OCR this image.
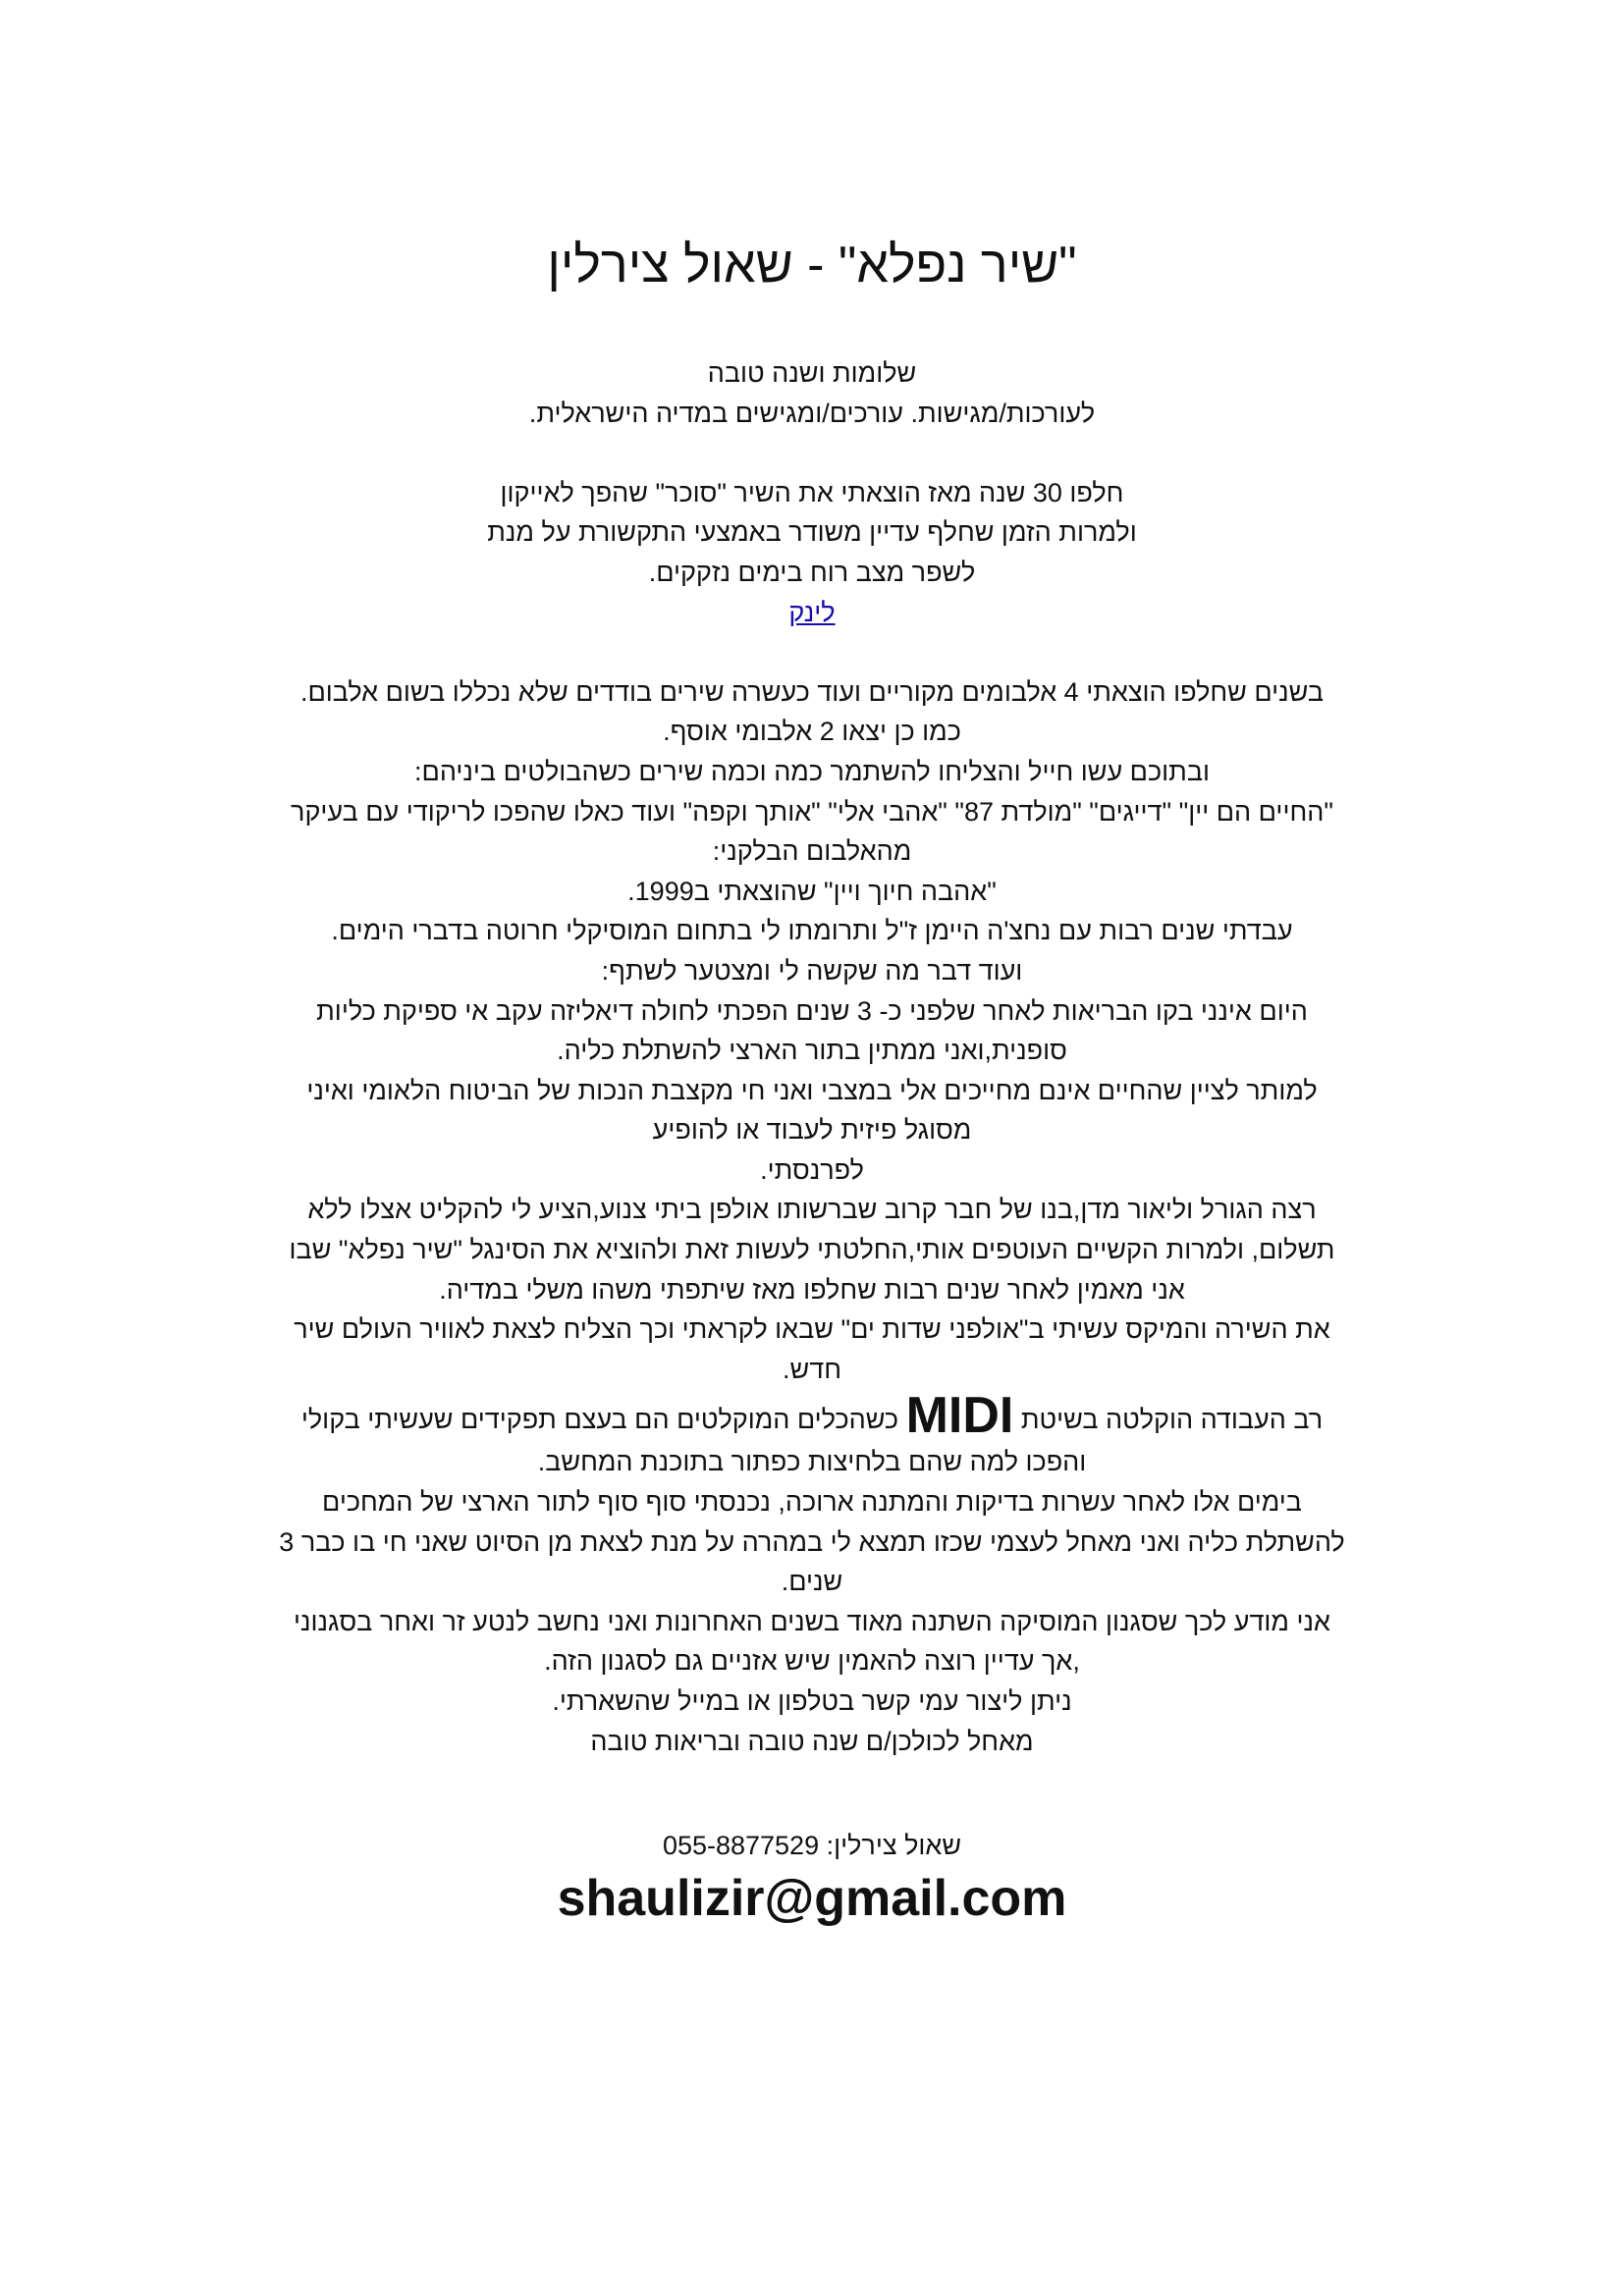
"שיר נפלא" - שאול צירלין
שלומות ושנה טובה
לעורכות/מגישות. עורכים/ומגישים במדיה הישראלית.
חלפו 30 שנה מאז הוצאתי את השיר "סוכר" שהפך לאייקון
ולמרות הזמן שחלף עדיין משודר באמצעי התקשורת על מנת
לשפר מצב רוח בימים נזקקים.
לינק
בשנים שחלפו הוצאתי 4 אלבומים מקוריים ועוד כעשרה שירים בודדים שלא נכללו בשום אלבום.
כמו כן יצאו 2 אלבומי אוסף.
ובתוכם עשו חייל והצליחו להשתמר כמה וכמה שירים כשהבולטים ביניהם:
"החיים הם יין" "דייגים" "מולדת 87" "אהבי אלי" "אותך וקפה" ועוד כאלו שהפכו לריקודי עם בעיקר
מהאלבום הבלקני:
"אהבה חיוך ויין" שהוצאתי ב1999.
עבדתי שנים רבות עם נחצ'ה היימן ז"ל ותרומתו לי בתחום המוסיקלי חרוטה בדברי הימים.
ועוד דבר מה שקשה לי ומצטער לשתף:
היום אינני בקו הבריאות לאחר שלפני כ- 3 שנים הפכתי לחולה דיאליזה עקב אי ספיקת כליות
סופנית,ואני ממתין בתור הארצי להשתלת כליה.
למותר לציין שהחיים אינם מחייכים אלי במצבי ואני חי מקצבת הנכות של הביטוח הלאומי ואיני
מסוגל פיזית לעבוד או להופיע
לפרנסתי.
רצה הגורל וליאור מדן,בנו של חבר קרוב שברשותו אולפן ביתי צנוע,הציע לי להקליט אצלו ללא
תשלום, ולמרות הקשיים העוטפים אותי,החלטתי לעשות זאת ולהוציא את הסינגל "שיר נפלא" שבו
אני מאמין לאחר שנים רבות שחלפו מאז שיתפתי משהו משלי במדיה.
את השירה והמיקס עשיתי ב"אולפני שדות ים" שבאו לקראתי וכך הצליח לצאת לאוויר העולם שיר
חדש.
רב העבודה הוקלטה בשיטת MIDI כשהכלים המוקלטים הם בעצם תפקידים שעשיתי בקולי
והפכו למה שהם בלחיצות כפתור בתוכנת המחשב.
בימים אלו לאחר עשרות בדיקות והמתנה ארוכה, נכנסתי סוף סוף לתור הארצי של המחכים
להשתלת כליה ואני מאחל לעצמי שכזו תמצא לי במהרה על מנת לצאת מן הסיוט שאני חי בו כבר 3
שנים.
אני מודע לכך שסגנון המוסיקה השתנה מאוד בשנים האחרונות ואני נחשב לנטע זר ואחר בסגנוני
,אך עדיין רוצה להאמין שיש אזניים גם לסגנון הזה.
ניתן ליצור עמי קשר בטלפון או במייל שהשארתי.
מאחל לכולכן/ם שנה טובה ובריאות טובה

שאול צירלין: 055-8877529

shaulizir@gmail.com
